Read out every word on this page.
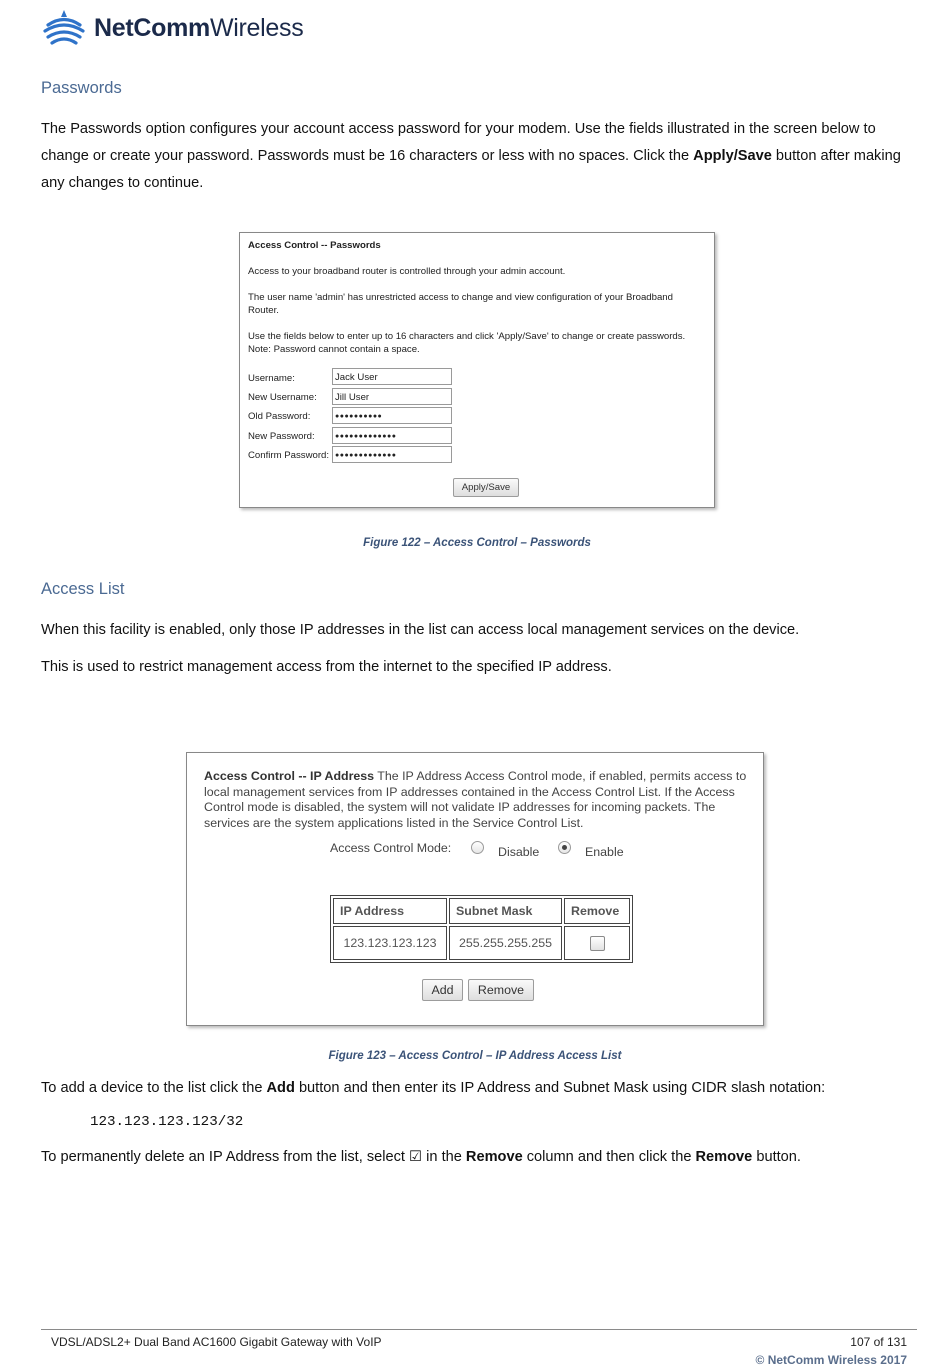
NetCommWireless
Passwords
The Passwords option configures your account access password for your modem. Use the fields illustrated in the screen below to change or create your password. Passwords must be 16 characters or less with no spaces. Click the Apply/Save button after making any changes to continue.
Access Control -- Passwords
Access to your broadband router is controlled through your admin account.
The user name 'admin' has unrestricted access to change and view configuration of your Broadband Router.
Use the fields below to enter up to 16 characters and click 'Apply/Save' to change or create passwords.
Note: Password cannot contain a space.
Username:	Jack User
New Username:	Jill User
Old Password:	●●●●●●●●●●
New Password:	●●●●●●●●●●●●●
Confirm Password: ●●●●●●●●●●●●●
Apply/Save
Figure 122 – Access Control – Passwords
Access List
When this facility is enabled, only those IP addresses in the list can access local management services on the device.
This is used to restrict management access from the internet to the specified IP address.
Access Control -- IP Address The IP Address Access Control mode, if enabled, permits access to local management services from IP addresses contained in the Access Control List. If the Access Control mode is disabled, the system will not validate IP addresses for incoming packets. The services are the system applications listed in the Service Control List.
Access Control Mode:	Disable	Enable
IP Address	Subnet Mask	Remove
123.123.123.123	255.255.255.255	
Add	Remove
Figure 123 – Access Control – IP Address Access List
To add a device to the list click the Add button and then enter its IP Address and Subnet Mask using CIDR slash notation:
123.123.123.123/32
To permanently delete an IP Address from the list, select ☑ in the Remove column and then click the Remove button.
VDSL/ADSL2+ Dual Band AC1600 Gigabit Gateway with VoIP	107 of 131
© NetComm Wireless 2017
